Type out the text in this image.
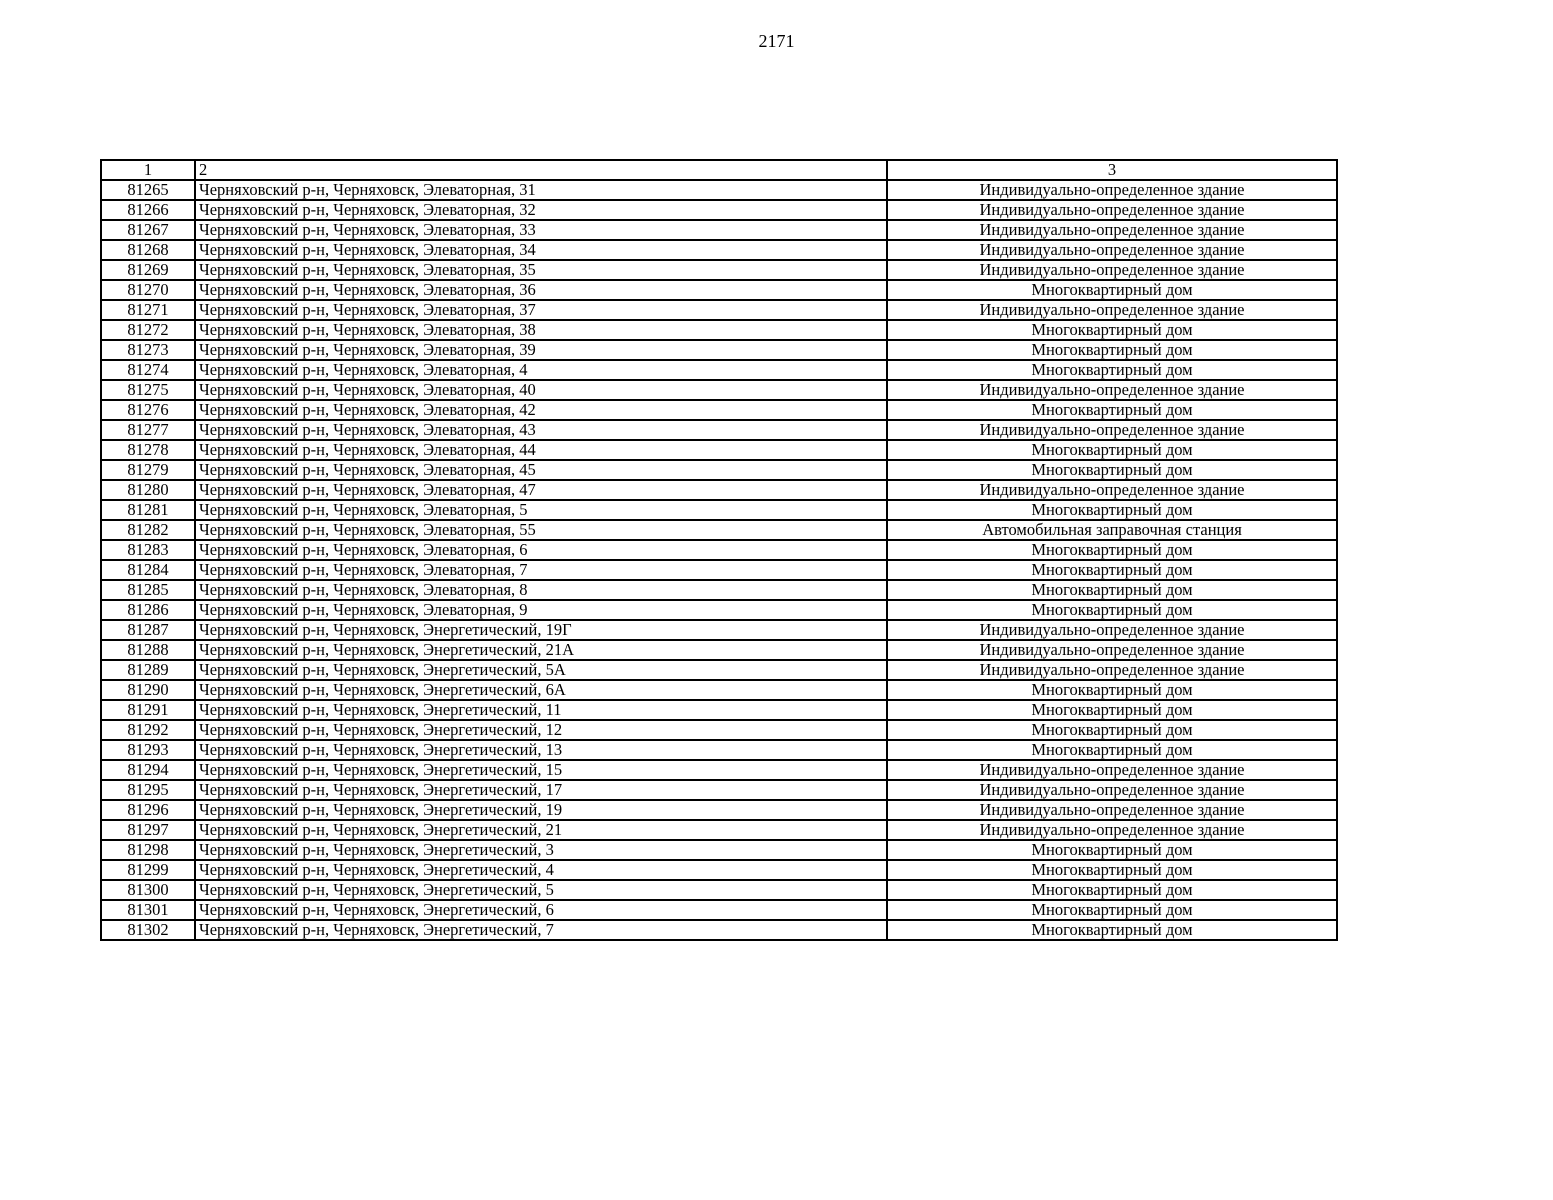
2171
1	2	3
81265	Черняховский р-н, Черняховск, Элеваторная, 31	Индивидуально-определенное здание
81266	Черняховский р-н, Черняховск, Элеваторная, 32	Индивидуально-определенное здание
81267	Черняховский р-н, Черняховск, Элеваторная, 33	Индивидуально-определенное здание
81268	Черняховский р-н, Черняховск, Элеваторная, 34	Индивидуально-определенное здание
81269	Черняховский р-н, Черняховск, Элеваторная, 35	Индивидуально-определенное здание
81270	Черняховский р-н, Черняховск, Элеваторная, 36	Многоквартирный дом
81271	Черняховский р-н, Черняховск, Элеваторная, 37	Индивидуально-определенное здание
81272	Черняховский р-н, Черняховск, Элеваторная, 38	Многоквартирный дом
81273	Черняховский р-н, Черняховск, Элеваторная, 39	Многоквартирный дом
81274	Черняховский р-н, Черняховск, Элеваторная, 4	Многоквартирный дом
81275	Черняховский р-н, Черняховск, Элеваторная, 40	Индивидуально-определенное здание
81276	Черняховский р-н, Черняховск, Элеваторная, 42	Многоквартирный дом
81277	Черняховский р-н, Черняховск, Элеваторная, 43	Индивидуально-определенное здание
81278	Черняховский р-н, Черняховск, Элеваторная, 44	Многоквартирный дом
81279	Черняховский р-н, Черняховск, Элеваторная, 45	Многоквартирный дом
81280	Черняховский р-н, Черняховск, Элеваторная, 47	Индивидуально-определенное здание
81281	Черняховский р-н, Черняховск, Элеваторная, 5	Многоквартирный дом
81282	Черняховский р-н, Черняховск, Элеваторная, 55	Автомобильная заправочная станция
81283	Черняховский р-н, Черняховск, Элеваторная, 6	Многоквартирный дом
81284	Черняховский р-н, Черняховск, Элеваторная, 7	Многоквартирный дом
81285	Черняховский р-н, Черняховск, Элеваторная, 8	Многоквартирный дом
81286	Черняховский р-н, Черняховск, Элеваторная, 9	Многоквартирный дом
81287	Черняховский р-н, Черняховск, Энергетический, 19Г	Индивидуально-определенное здание
81288	Черняховский р-н, Черняховск, Энергетический, 21А	Индивидуально-определенное здание
81289	Черняховский р-н, Черняховск, Энергетический, 5А	Индивидуально-определенное здание
81290	Черняховский р-н, Черняховск, Энергетический, 6А	Многоквартирный дом
81291	Черняховский р-н, Черняховск, Энергетический, 11	Многоквартирный дом
81292	Черняховский р-н, Черняховск, Энергетический, 12	Многоквартирный дом
81293	Черняховский р-н, Черняховск, Энергетический, 13	Многоквартирный дом
81294	Черняховский р-н, Черняховск, Энергетический, 15	Индивидуально-определенное здание
81295	Черняховский р-н, Черняховск, Энергетический, 17	Индивидуально-определенное здание
81296	Черняховский р-н, Черняховск, Энергетический, 19	Индивидуально-определенное здание
81297	Черняховский р-н, Черняховск, Энергетический, 21	Индивидуально-определенное здание
81298	Черняховский р-н, Черняховск, Энергетический, 3	Многоквартирный дом
81299	Черняховский р-н, Черняховск, Энергетический, 4	Многоквартирный дом
81300	Черняховский р-н, Черняховск, Энергетический, 5	Многоквартирный дом
81301	Черняховский р-н, Черняховск, Энергетический, 6	Многоквартирный дом
81302	Черняховский р-н, Черняховск, Энергетический, 7	Многоквартирный дом
